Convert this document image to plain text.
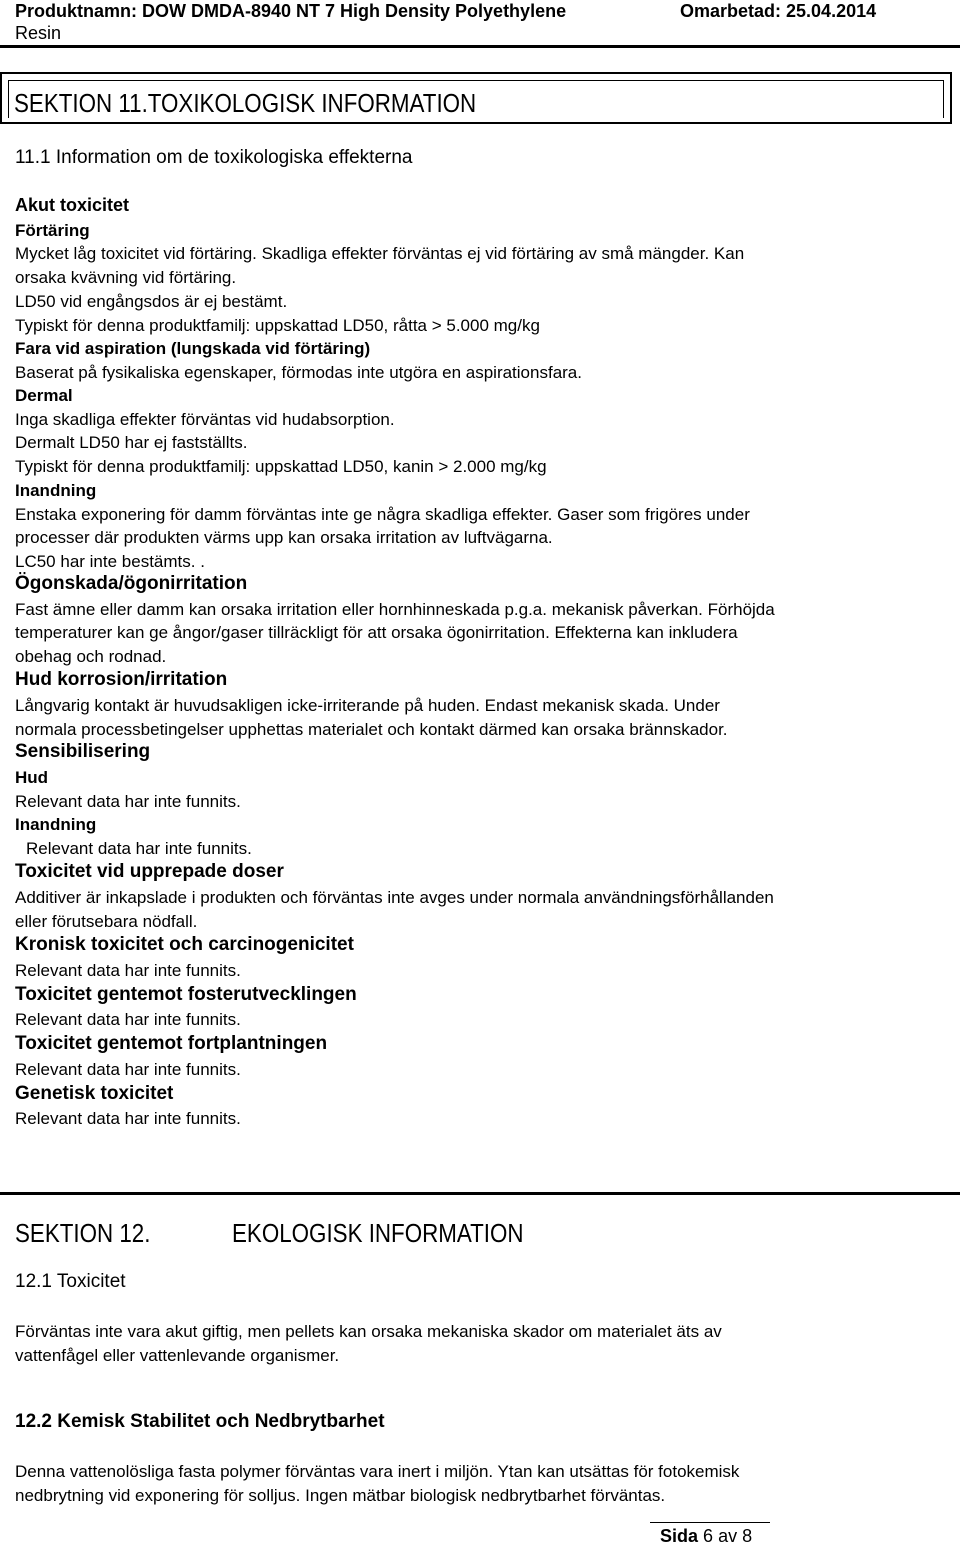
Produktnamn: DOW DMDA-8940 NT 7 High Density Polyethylene
Resin
Omarbetad: 25.04.2014
SEKTION 11.TOXIKOLOGISK INFORMATION
11.1 Information om de toxikologiska effekterna
Akut toxicitet
Förtäring
Mycket låg toxicitet vid förtäring. Skadliga effekter förväntas ej vid förtäring av små mängder. Kan
orsaka kvävning vid förtäring.
LD50 vid engångsdos är ej bestämt.
Typiskt för denna produktfamilj: uppskattad LD50, råtta > 5.000 mg/kg
Fara vid aspiration (lungskada vid förtäring)
Baserat på fysikaliska egenskaper, förmodas inte utgöra en aspirationsfara.
Dermal
Inga skadliga effekter förväntas vid hudabsorption.
Dermalt LD50 har ej fastställts.
Typiskt för denna produktfamilj: uppskattad LD50, kanin > 2.000 mg/kg
Inandning
Enstaka exponering för damm förväntas inte ge några skadliga effekter. Gaser som frigöres under
processer där produkten värms upp kan orsaka irritation av luftvägarna.
LC50 har inte bestämts. .
Ögonskada/ögonirritation
Fast ämne eller damm kan orsaka irritation eller hornhinneskada p.g.a. mekanisk påverkan. Förhöjda
temperaturer kan ge ångor/gaser tillräckligt för att orsaka ögonirritation. Effekterna kan inkludera
obehag och rodnad.
Hud korrosion/irritation
Långvarig kontakt är huvudsakligen icke-irriterande på huden. Endast mekanisk skada. Under
normala processbetingelser upphettas materialet och kontakt därmed kan orsaka brännskador.
Sensibilisering
Hud
Relevant data har inte funnits.
Inandning
Relevant data har inte funnits.
Toxicitet vid upprepade doser
Additiver är inkapslade i produkten och förväntas inte avges under normala användningsförhållanden
eller förutsebara nödfall.
Kronisk toxicitet och carcinogenicitet
Relevant data har inte funnits.
Toxicitet gentemot fosterutvecklingen
Relevant data har inte funnits.
Toxicitet gentemot fortplantningen
Relevant data har inte funnits.
Genetisk toxicitet
Relevant data har inte funnits.
SEKTION 12.	EKOLOGISK INFORMATION
12.1 Toxicitet
Förväntas inte vara akut giftig, men pellets kan orsaka mekaniska skador om materialet äts av
vattenfågel eller vattenlevande organismer.
12.2 Kemisk Stabilitet och Nedbrytbarhet
Denna vattenolösliga fasta polymer förväntas vara inert i miljön. Ytan kan utsättas för fotokemisk
nedbrytning vid exponering för solljus. Ingen mätbar biologisk nedbrytbarhet förväntas.
Sida 6 av 8
